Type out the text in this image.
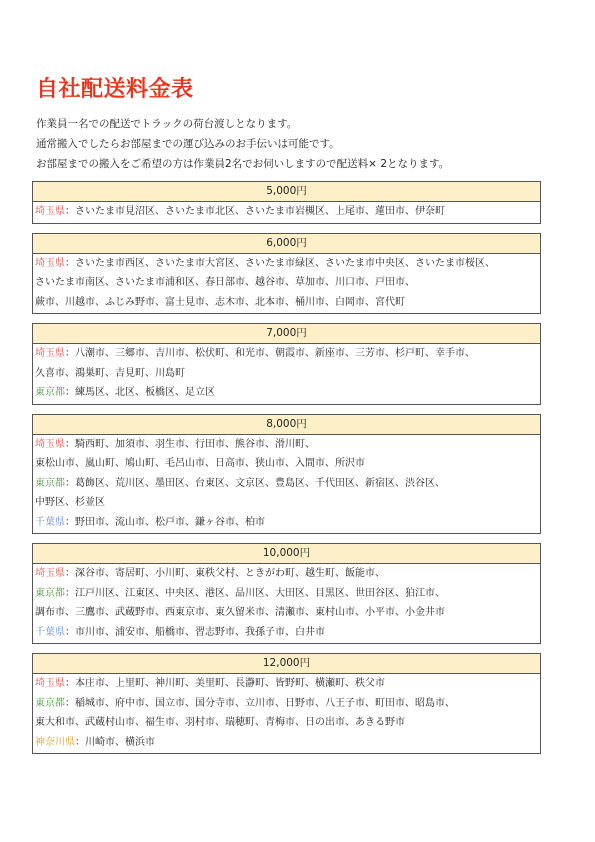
自社配送料金表
作業員一名での配送でトラックの荷台渡しとなります。
通常搬入でしたらお部屋までの運び込みのお手伝いは可能です。
お部屋までの搬入をご希望の方は作業員2名でお伺いしますので配送料× 2となります。
5,000円
埼玉県：さいたま市見沼区、さいたま市北区、さいたま市岩槻区、上尾市、蓮田市、伊奈町
6,000円
埼玉県：さいたま市西区、さいたま市大宮区、さいたま市緑区、さいたま市中央区、さいたま市桜区、
さいたま市南区、さいたま市浦和区、春日部市、越谷市、草加市、川口市、戸田市、
蕨市、川越市、ふじみ野市、富士見市、志木市、北本市、桶川市、白岡市、宮代町
7,000円
埼玉県：八潮市、三郷市、吉川市、松伏町、和光市、朝霞市、新座市、三芳市、杉戸町、幸手市、
久喜市、鴻巣町、吉見町、川島町
東京都：練馬区、北区、板橋区、足立区
8,000円
埼玉県：騎西町、加須市、羽生市、行田市、熊谷市、滑川町、
東松山市、嵐山町、鳩山町、毛呂山市、日高市、狭山市、入間市、所沢市
東京都：葛飾区、荒川区、墨田区、台東区、文京区、豊島区、千代田区、新宿区、渋谷区、
中野区、杉並区
千葉県：野田市、流山市、松戸市、鎌ヶ谷市、柏市
10,000円
埼玉県：深谷市、寄居町、小川町、東秩父村、ときがわ町、越生町、飯能市、
東京都：江戸川区、江東区、中央区、港区、品川区、大田区、目黒区、世田谷区、狛江市、
調布市、三鷹市、武蔵野市、西東京市、東久留米市、清瀬市、東村山市、小平市、小金井市
千葉県：市川市、浦安市、船橋市、習志野市、我孫子市、白井市
12,000円
埼玉県：本庄市、上里町、神川町、美里町、長瀞町、皆野町、横瀬町、秩父市
東京都：稲城市、府中市、国立市、国分寺市、立川市、日野市、八王子市、町田市、昭島市、
東大和市、武蔵村山市、福生市、羽村市、瑞穂町、青梅市、日の出市、あきる野市
神奈川県：川崎市、横浜市
